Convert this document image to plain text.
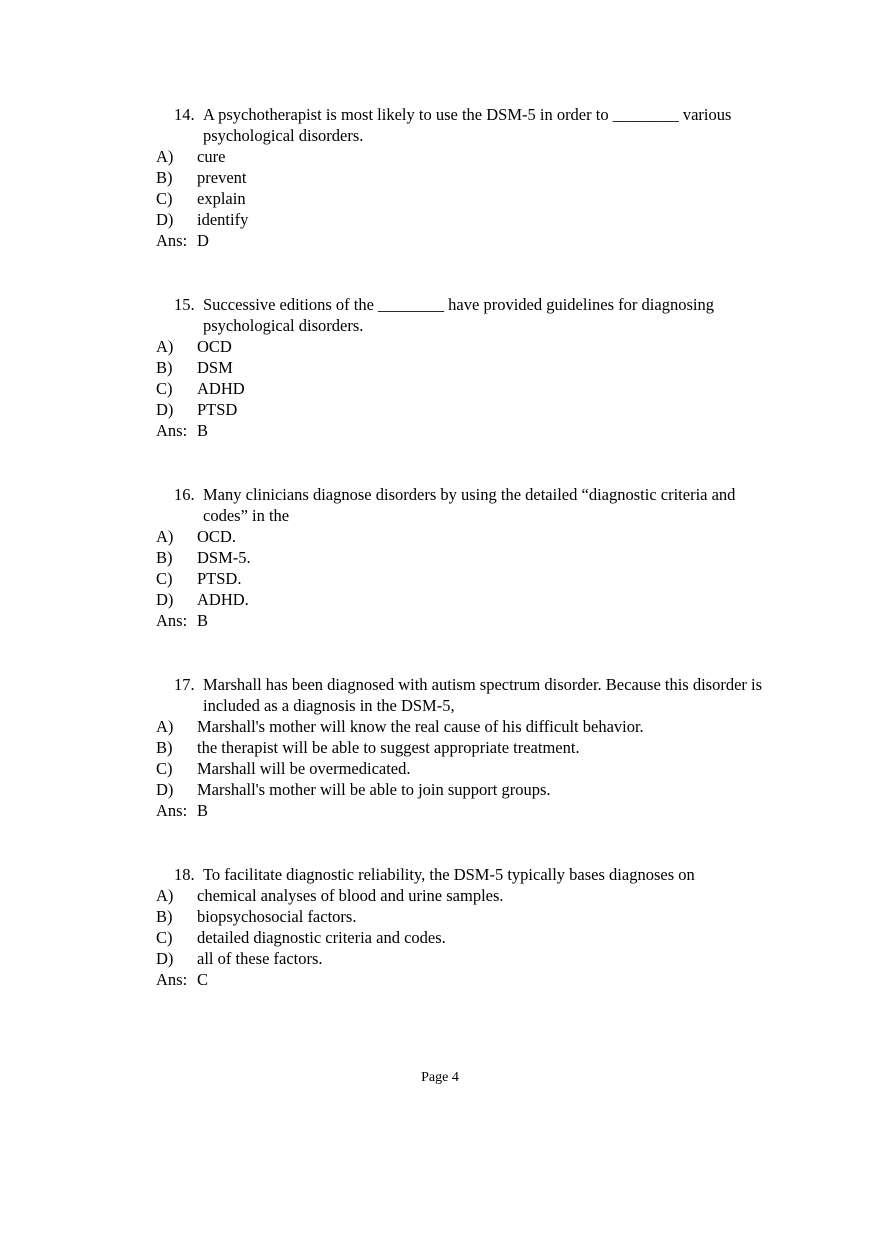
14. A psychotherapist is most likely to use the DSM-5 in order to ________ various psychological disorders.
A) cure
B) prevent
C) explain
D) identify
Ans: D
15. Successive editions of the ________ have provided guidelines for diagnosing psychological disorders.
A) OCD
B) DSM
C) ADHD
D) PTSD
Ans: B
16. Many clinicians diagnose disorders by using the detailed “diagnostic criteria and codes” in the
A) OCD.
B) DSM-5.
C) PTSD.
D) ADHD.
Ans: B
17. Marshall has been diagnosed with autism spectrum disorder. Because this disorder is included as a diagnosis in the DSM-5,
A) Marshall's mother will know the real cause of his difficult behavior.
B) the therapist will be able to suggest appropriate treatment.
C) Marshall will be overmedicated.
D) Marshall's mother will be able to join support groups.
Ans: B
18. To facilitate diagnostic reliability, the DSM-5 typically bases diagnoses on
A) chemical analyses of blood and urine samples.
B) biopsychosocial factors.
C) detailed diagnostic criteria and codes.
D) all of these factors.
Ans: C
Page 4
